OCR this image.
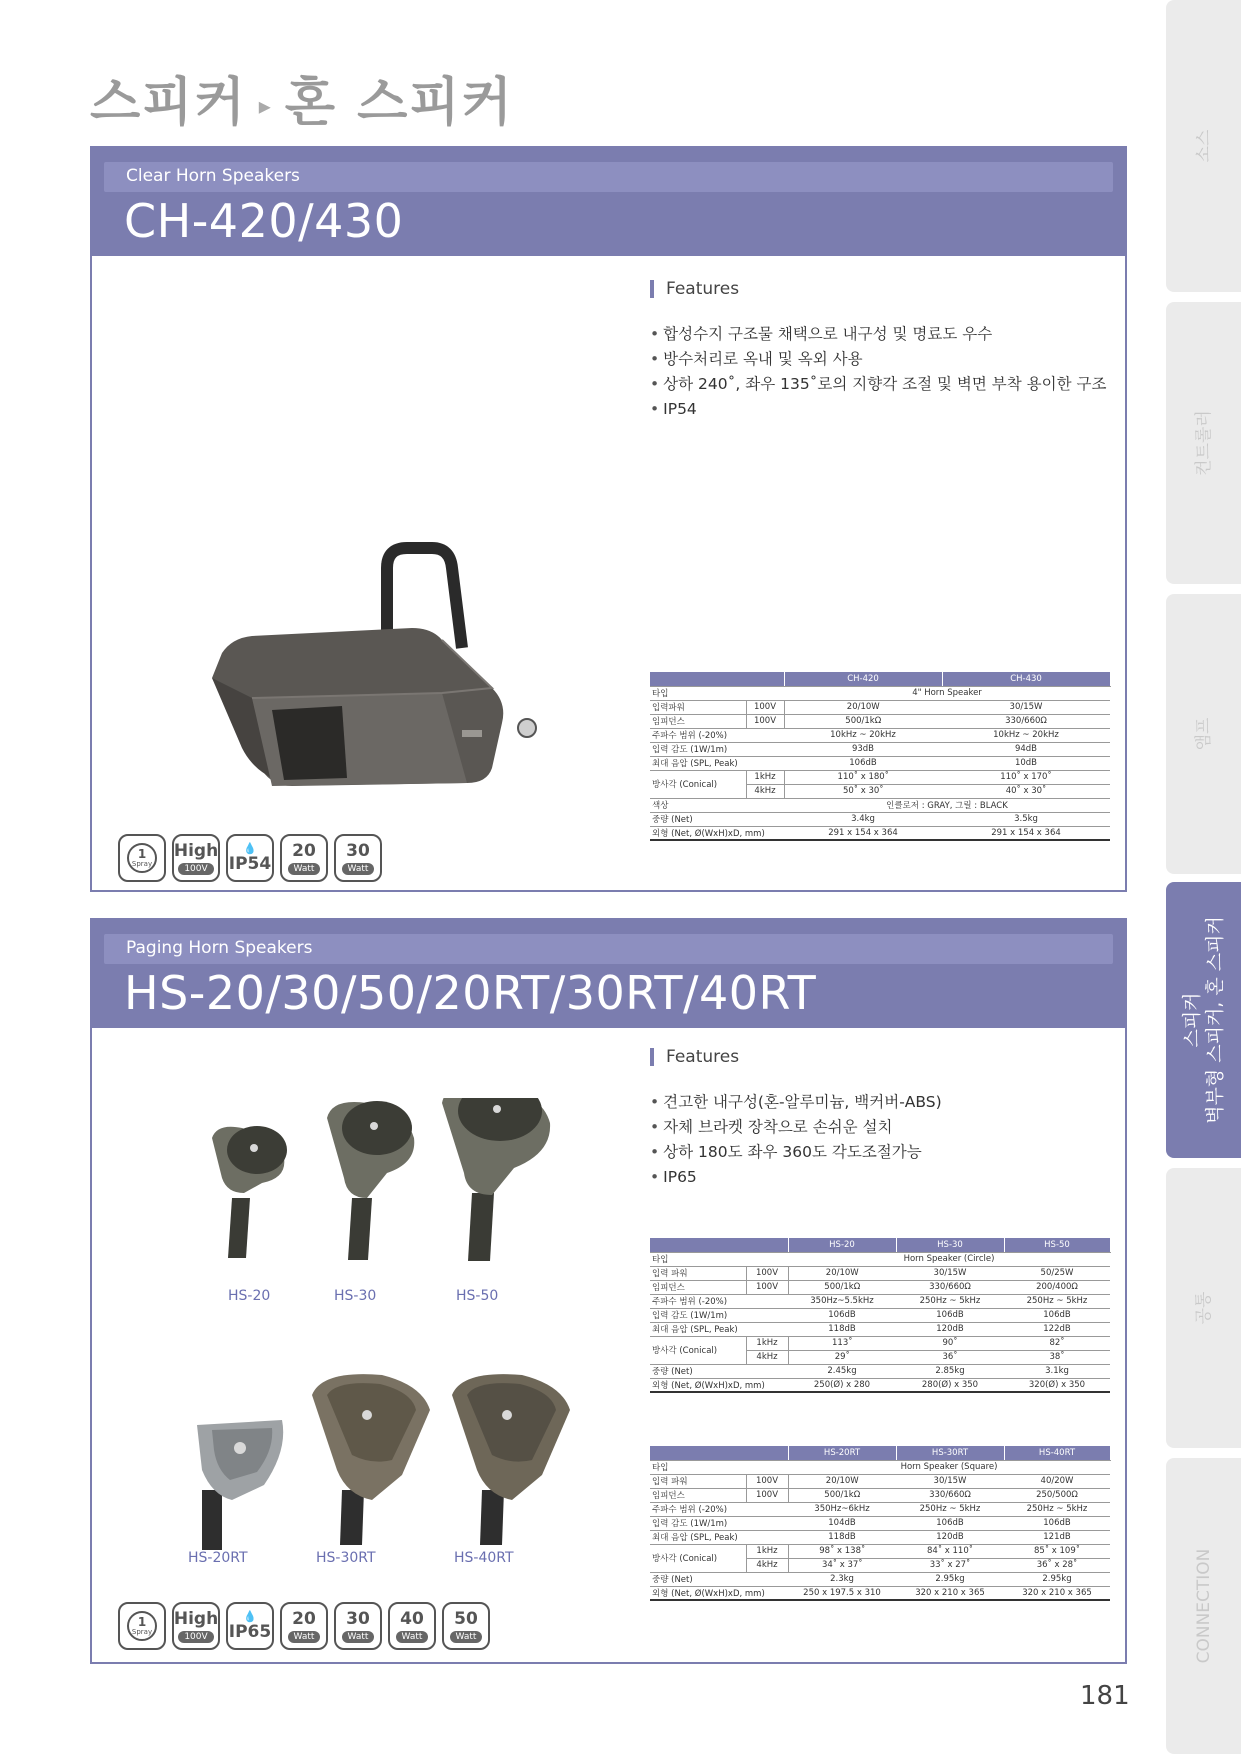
스피커 ▸ 혼 스피커
소스
컨트롤러
앰프
스피커 벽부형 스피커, 혼 스피커
공통
CONNECTION
Clear Horn Speakers
CH-420/430
Features
• 합성수지 구조물 채택으로 내구성 및 명료도 우수
• 방수처리로 옥내 및 옥외 사용
• 상하 240˚, 좌우 135˚로의 지향각 조절 및 벽면 부착 용이한 구조
• IP54
		CH-420	CH-430
타입		4" Horn Speaker	
입력파워	100V	20/10W	30/15W
임피던스	100V	500/1kΩ	330/660Ω
주파수 범위 (-20%)		10kHz ~ 20kHz	10kHz ~ 20kHz
입력 감도 (1W/1m)		93dB	94dB
최대 음압 (SPL, Peak)		106dB	10dB
방사각 (Conical)	1kHz	110˚ x 180˚	110˚ x 170˚
	4kHz	50˚ x 30˚	40˚ x 30˚
색상		인클로저 : GRAY, 그릴 : BLACK	
중량 (Net)		3.4kg	3.5kg
외형 (Net, Ø(WxH)xD, mm)		291 x 154 x 364	291 x 154 x 364
1
Spray
High
100V
💧
IP54
20
Watt
30
Watt
Paging Horn Speakers
HS-20/30/50/20RT/30RT/40RT
HS-20	HS-30	HS-50
HS-20RT	HS-30RT	HS-40RT
Features
• 견고한 내구성(혼-알루미늄, 백커버-ABS)
• 자체 브라켓 장착으로 손쉬운 설치
• 상하 180도 좌우 360도 각도조절가능
• IP65
		HS-20	HS-30	HS-50
타입		Horn Speaker (Circle)		
입력 파워	100V	20/10W	30/15W	50/25W
임피던스	100V	500/1kΩ	330/660Ω	200/400Ω
주파수 범위 (-20%)		350Hz~5.5kHz	250Hz ~ 5kHz	250Hz ~ 5kHz
입력 감도 (1W/1m)		106dB	106dB	106dB
최대 음압 (SPL, Peak)		118dB	120dB	122dB
방사각 (Conical)	1kHz	113˚	90˚	82˚
	4kHz	29˚	36˚	38˚
중량 (Net)		2.45kg	2.85kg	3.1kg
외형 (Net, Ø(WxH)xD, mm)		250(Ø) x 280	280(Ø) x 350	320(Ø) x 350
		HS-20RT	HS-30RT	HS-40RT
타입		Horn Speaker (Square)		
입력 파워	100V	20/10W	30/15W	40/20W
임피던스	100V	500/1kΩ	330/660Ω	250/500Ω
주파수 범위 (-20%)		350Hz~6kHz	250Hz ~ 5kHz	250Hz ~ 5kHz
입력 감도 (1W/1m)		104dB	106dB	106dB
최대 음압 (SPL, Peak)		118dB	120dB	121dB
방사각 (Conical)	1kHz	98˚ x 138˚	84˚ x 110˚	85˚ x 109˚
	4kHz	34˚ x 37˚	33˚ x 27˚	36˚ x 28˚
중량 (Net)		2.3kg	2.95kg	2.95kg
외형 (Net, Ø(WxH)xD, mm)		250 x 197.5 x 310	320 x 210 x 365	320 x 210 x 365
1
Spray
High
100V
💧
IP65
20
Watt
30
Watt
40
Watt
50
Watt
181
